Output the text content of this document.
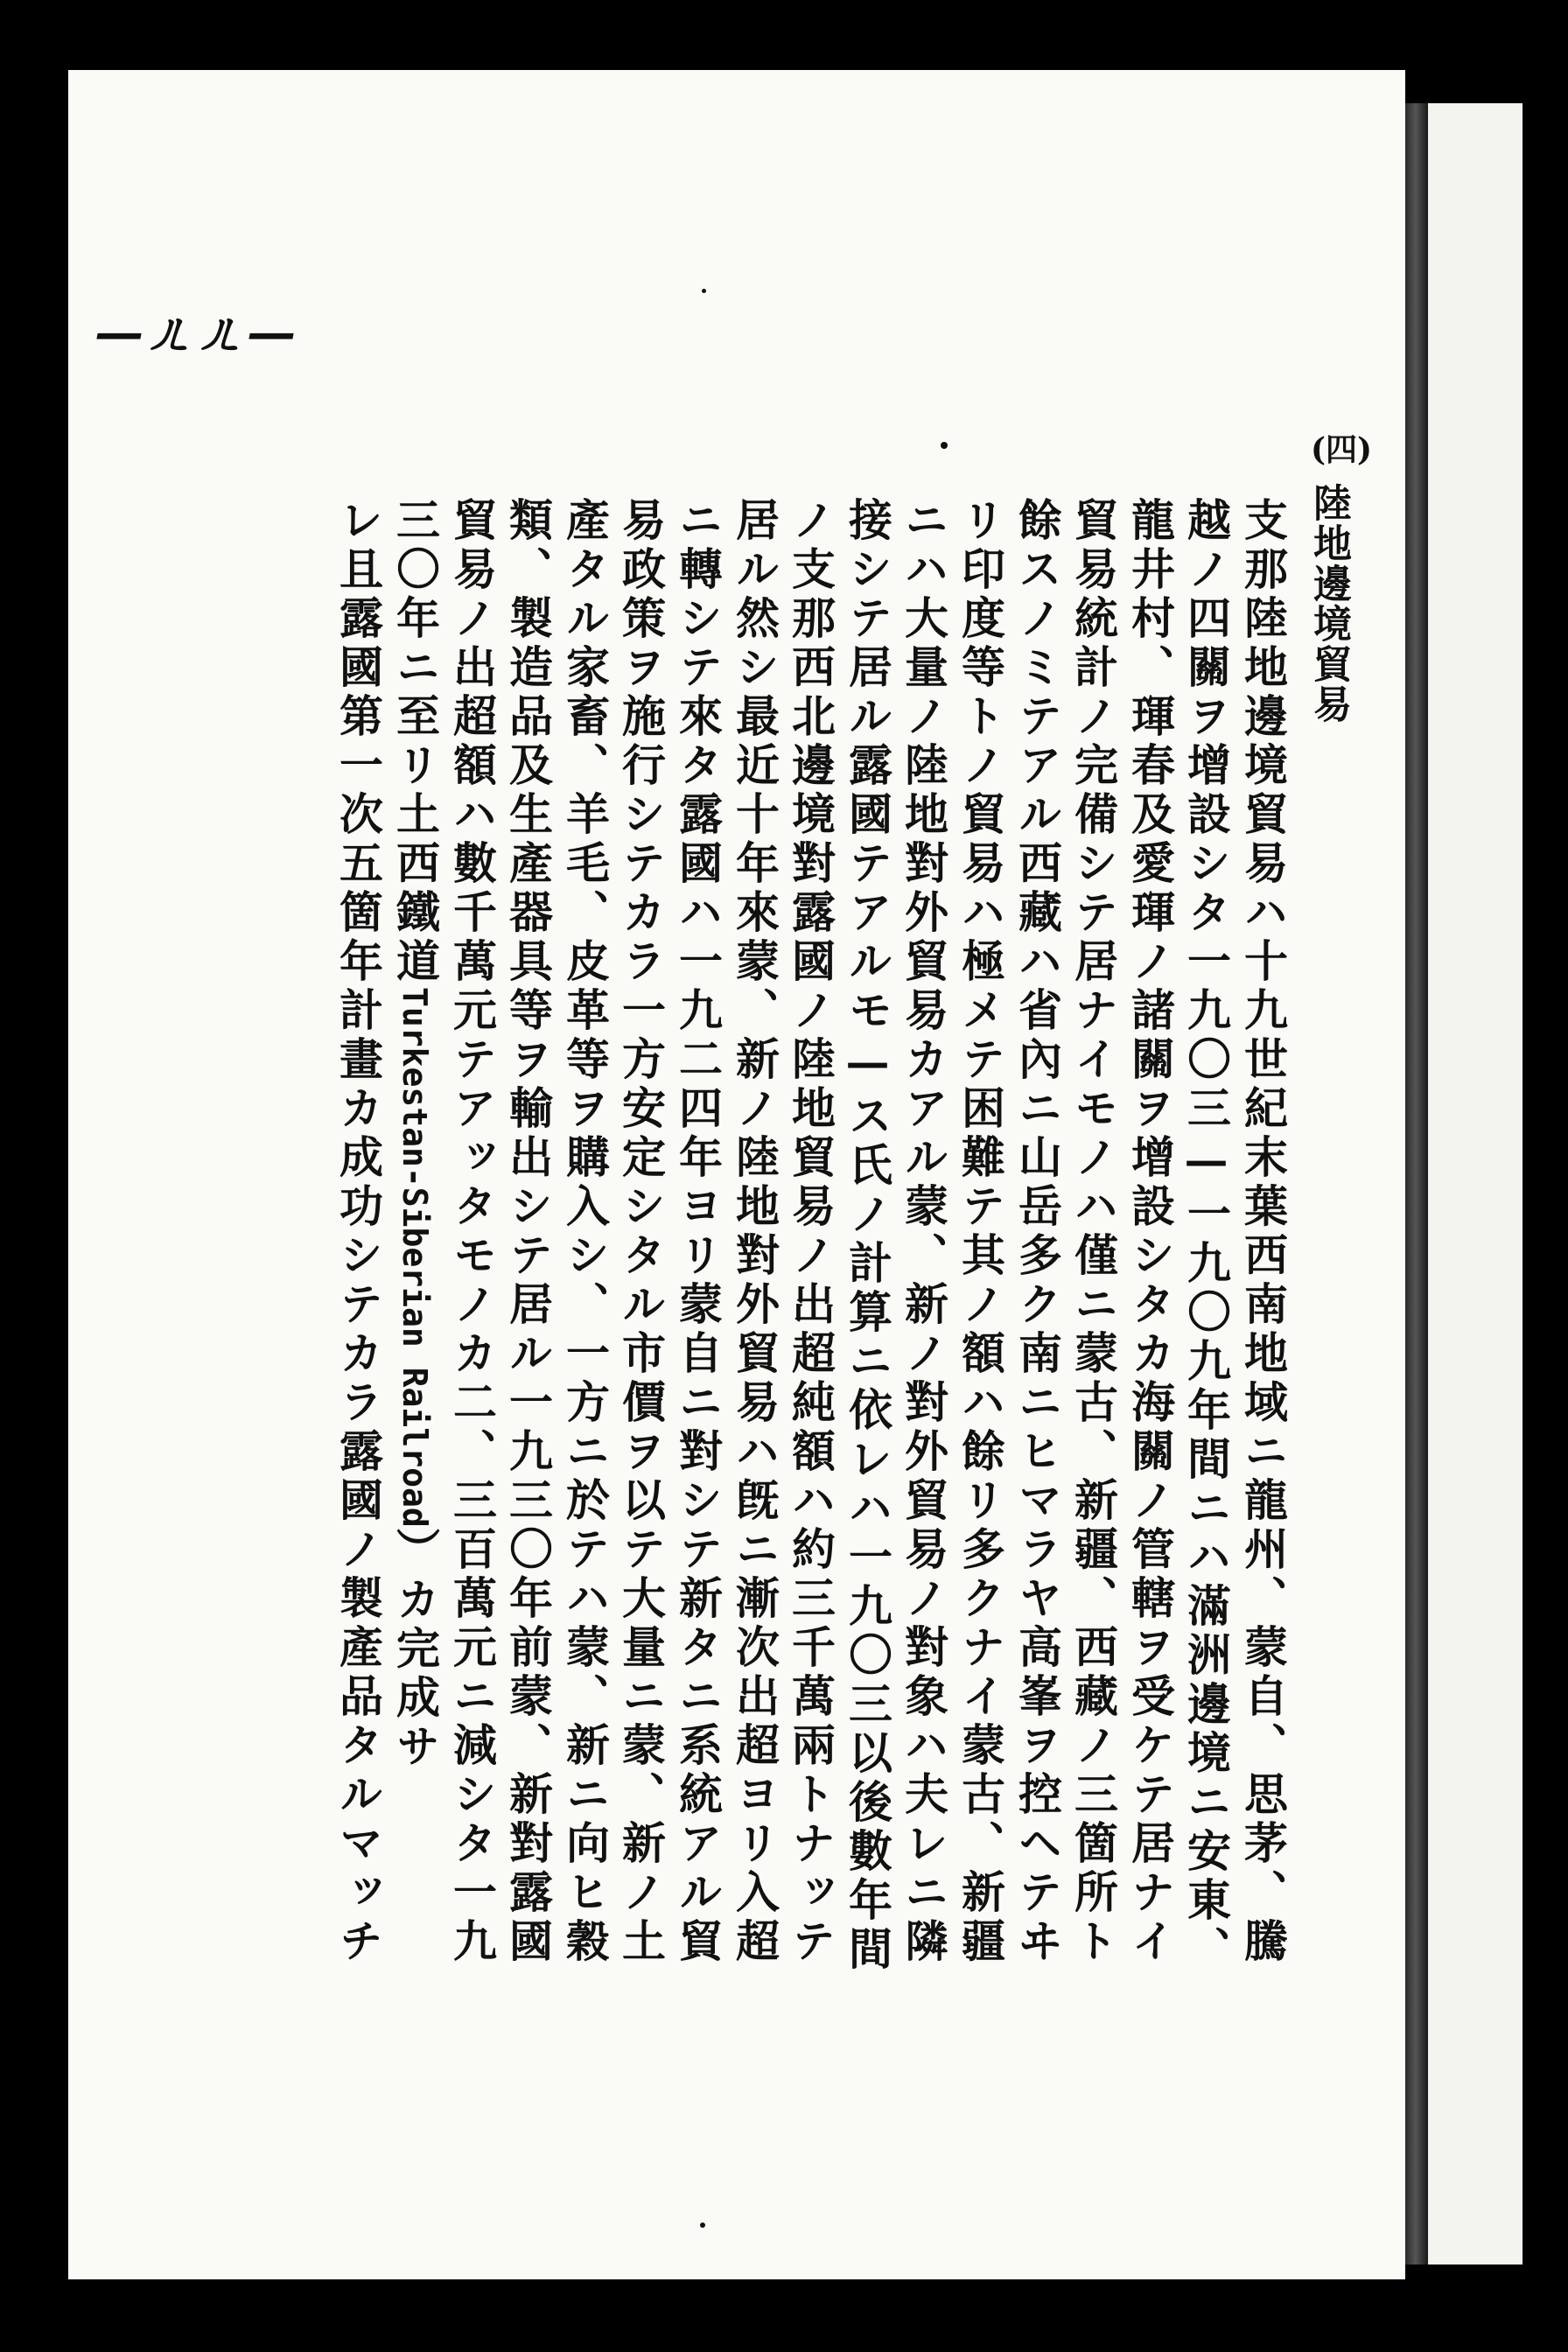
—ㄦㄦ—
(四)
陸地邊境貿易
支那陸地邊境貿易ハ十九世紀末葉西南地域ニ龍州、蒙自、思茅、騰
越ノ四關ヲ增設シタ一九〇三—一九〇九年間ニハ滿洲邊境ニ安東、
龍井村、琿春及愛琿ノ諸關ヲ增設シタカ海關ノ管轄ヲ受ケテ居ナイ
貿易統計ノ完備シテ居ナイモノハ僅ニ蒙古、新疆、西藏ノ三箇所ト
餘スノミテアル西藏ハ省內ニ山岳多ク南ニヒマラヤ高峯ヲ控ヘテヰ
リ印度等トノ貿易ハ極メテ困難テ其ノ額ハ餘リ多クナイ蒙古、新疆
ニハ大量ノ陸地對外貿易カアル蒙、新ノ對外貿易ノ對象ハ夫レニ隣
接シテ居ル露國テアルモ—ス氏ノ計算ニ依レハ一九〇三以後數年間
ノ支那西北邊境對露國ノ陸地貿易ノ出超純額ハ約三千萬兩トナッテ
居ル然シ最近十年來蒙、新ノ陸地對外貿易ハ旣ニ漸次出超ヨリ入超
ニ轉シテ來タ露國ハ一九二四年ヨリ蒙自ニ對シテ新タニ系統アル貿
易政策ヲ施行シテカラ一方安定シタル市價ヲ以テ大量ニ蒙、新ノ土
產タル家畜、羊毛、皮革等ヲ購入シ、一方ニ於テハ蒙、新ニ向ヒ穀
類、製造品及生產器具等ヲ輸出シテ居ル一九三〇年前蒙、新對露國
貿易ノ出超額ハ數千萬元テアッタモノカ二、三百萬元ニ減シタ一九
三〇年ニ至リ土西鐵道Turkestan-Siberian Railroad）カ完成サ
レ且露國第一次五箇年計畫カ成功シテカラ露國ノ製產品タルマッチ
